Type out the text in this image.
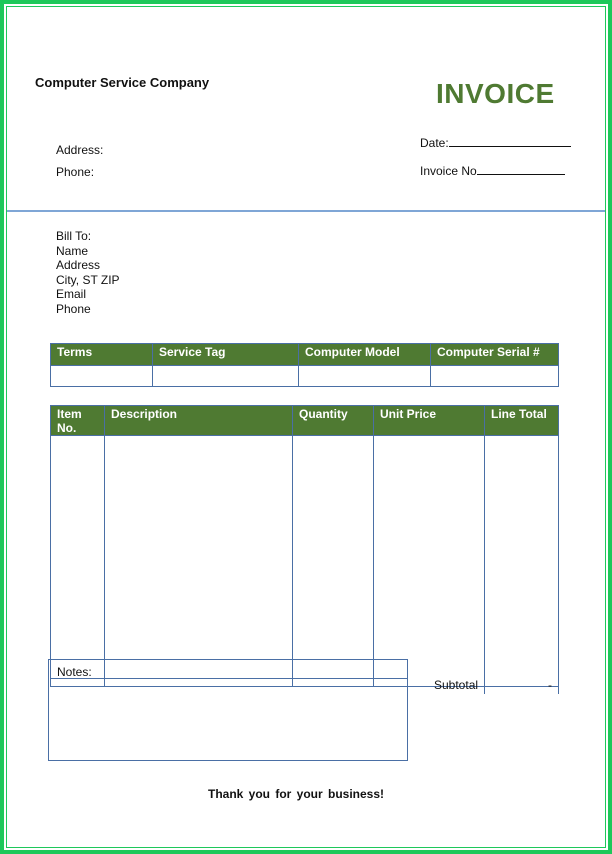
Computer Service Company	INVOICE
Address:
Phone:
Date:
Invoice No
Bill To:
Name
Address
City, ST ZIP
Email
Phone
Terms	Service Tag	Computer Model	Computer Serial #

Item No.	Description	Quantity	Unit Price	Line Total

Notes:
Subtotal	-
Thank you for your business!
